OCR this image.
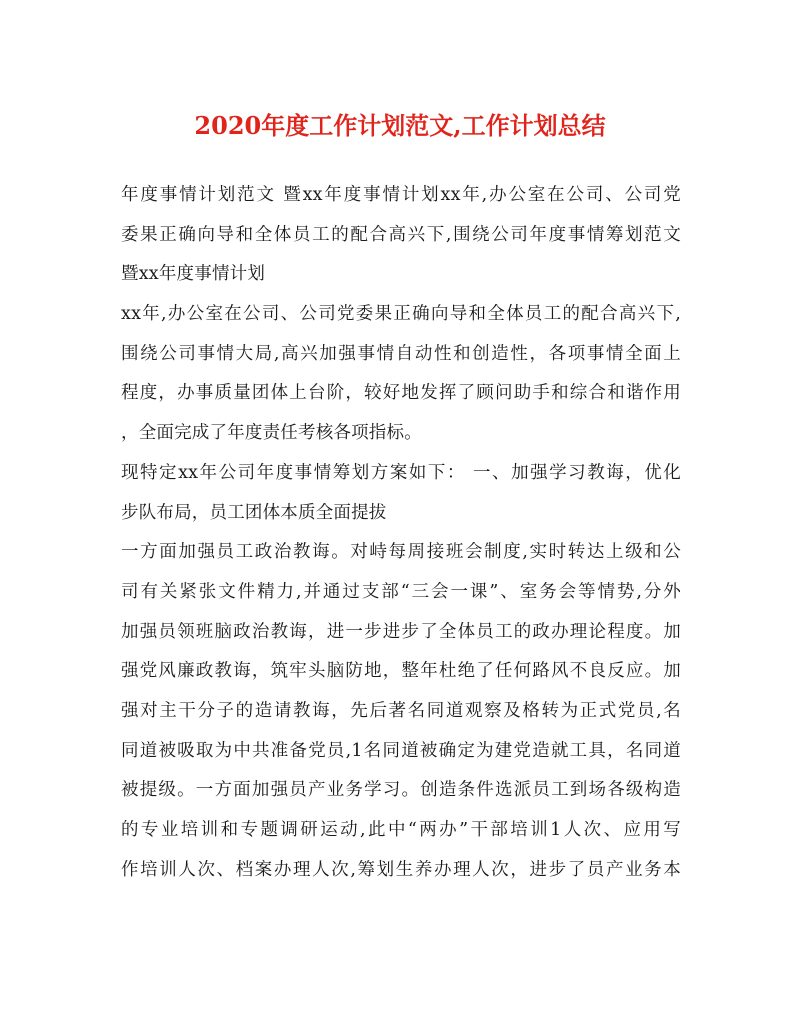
2020年度工作计划范文,工作计划总结
年度事情计划范文 暨xx年度事情计划xx年,办公室在公司、公司党
委果正确向导和全体员工的配合高兴下,围绕公司年度事情筹划范文
暨xx年度事情计划
xx年,办公室在公司、公司党委果正确向导和全体员工的配合高兴下,
围绕公司事情大局,高兴加强事情自动性和创造性，各项事情全面上
程度，办事质量团体上台阶，较好地发挥了顾问助手和综合和谐作用
，全面完成了年度责任考核各项指标。
现特定xx年公司年度事情筹划方案如下： 一、加强学习教诲，优化
步队布局，员工团体本质全面提拔
一方面加强员工政治教诲。对峙每周接班会制度,实时转达上级和公
司有关紧张文件精力,并通过支部“三会一课”、室务会等情势,分外
加强员领班脑政治教诲，进一步进步了全体员工的政办理论程度。加
强党风廉政教诲，筑牢头脑防地，整年杜绝了任何路风不良反应。加
强对主干分子的造请教诲，先后著名同道观察及格转为正式党员,名
同道被吸取为中共准备党员,1名同道被确定为建党造就工具，名同道
被提级。一方面加强员产业务学习。创造条件选派员工到场各级构造
的专业培训和专题调研运动,此中“两办”干部培训1人次、应用写
作培训人次、档案办理人次,筹划生养办理人次，进步了员产业务本
